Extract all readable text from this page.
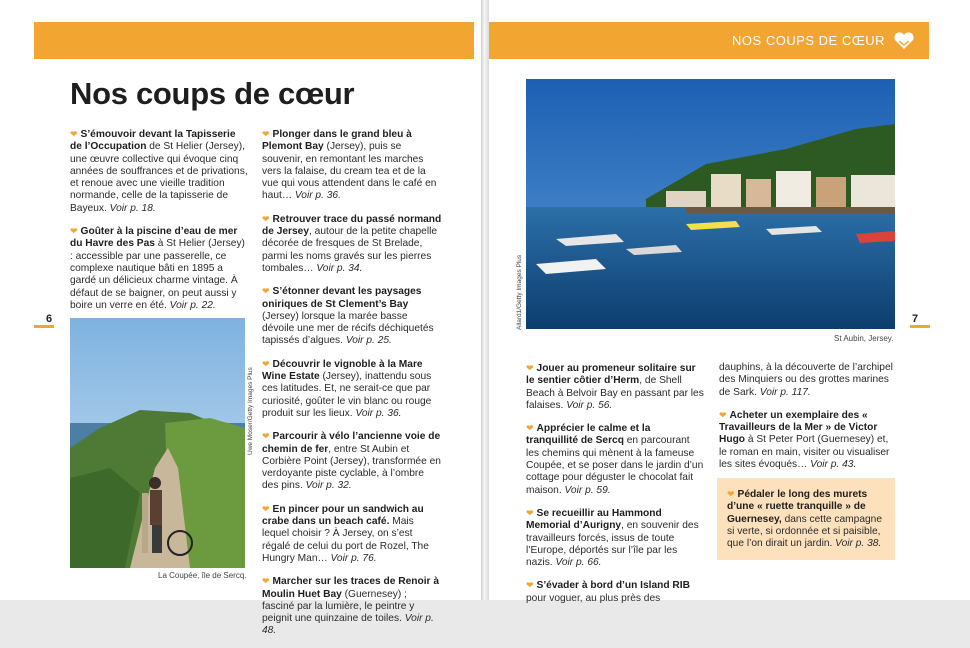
6
Nos coups de cœur

❤ S’émouvoir devant la Tapisserie de l’Occupation de St Helier (Jersey), une œuvre collective qui évoque cinq années de souffrances et de privations, et renoue avec une vieille tradition normande, celle de la tapisserie de Bayeux. Voir p. 18.

❤ Goûter à la piscine d’eau de mer du Havre des Pas à St Helier (Jersey) : accessible par une passerelle, ce complexe nautique bâti en 1895 a gardé un délicieux charme vintage. À défaut de se baigner, on peut aussi y boire un verre en été. Voir p. 22.

❤ Plonger dans le grand bleu à Plemont Bay (Jersey), puis se souvenir, en remontant les marches vers la falaise, du cream tea et de la vue qui vous attendent dans le café en haut… Voir p. 36.

❤ Retrouver trace du passé normand de Jersey, autour de la petite chapelle décorée de fresques de St Brelade, parmi les noms gravés sur les pierres tombales… Voir p. 34.

❤ S’étonner devant les paysages oniriques de St Clement’s Bay (Jersey) lorsque la marée basse dévoile une mer de récifs déchiquetés tapissés d’algues. Voir p. 25.

❤ Découvrir le vignoble à la Mare Wine Estate (Jersey), inattendu sous ces latitudes. Et, ne serait-ce que par curiosité, goûter le vin blanc ou rouge produit sur les lieux. Voir p. 36.

❤ Parcourir à vélo l’ancienne voie de chemin de fer, entre St Aubin et Corbière Point (Jersey), transformée en verdoyante piste cyclable, à l’ombre des pins. Voir p. 32.

❤ En pincer pour un sandwich au crabe dans un beach café. Mais lequel choisir ? À Jersey, on s’est régalé de celui du port de Rozel, The Hungry Man… Voir p. 76.

❤ Marcher sur les traces de Renoir à Moulin Huet Bay (Guernesey) ; fasciné par la lumière, le peintre y peignit une quinzaine de toiles. Voir p. 48.

Uwe Moser/Getty Images Plus
La Coupée, île de Sercq.
NOS COUPS DE CŒUR
7
Allard1/Getty Images Plus
St Aubin, Jersey.

❤ Jouer au promeneur solitaire sur le sentier côtier d’Herm, de Shell Beach à Belvoir Bay en passant par les falaises. Voir p. 56.

❤ Apprécier le calme et la tranquillité de Sercq en parcourant les chemins qui mènent à la fameuse Coupée, et se poser dans le jardin d’un cottage pour déguster le chocolat fait maison. Voir p. 59.

❤ Se recueillir au Hammond Memorial d’Aurigny, en souvenir des travailleurs forcés, issus de toute l’Europe, déportés sur l’île par les nazis. Voir p. 66.

❤ S’évader à bord d’un Island RIB pour voguer, au plus près des

dauphins, à la découverte de l’archipel des Minquiers ou des grottes marines de Sark. Voir p. 117.

❤ Acheter un exemplaire des « Travailleurs de la Mer » de Victor Hugo à St Peter Port (Guernesey) et, le roman en main, visiter ou visualiser les sites évoqués… Voir p. 43.

❤ Pédaler le long des murets d’une « ruette tranquille » de Guernesey, dans cette campagne si verte, si ordonnée et si paisible, que l’on dirait un jardin. Voir p. 38.
